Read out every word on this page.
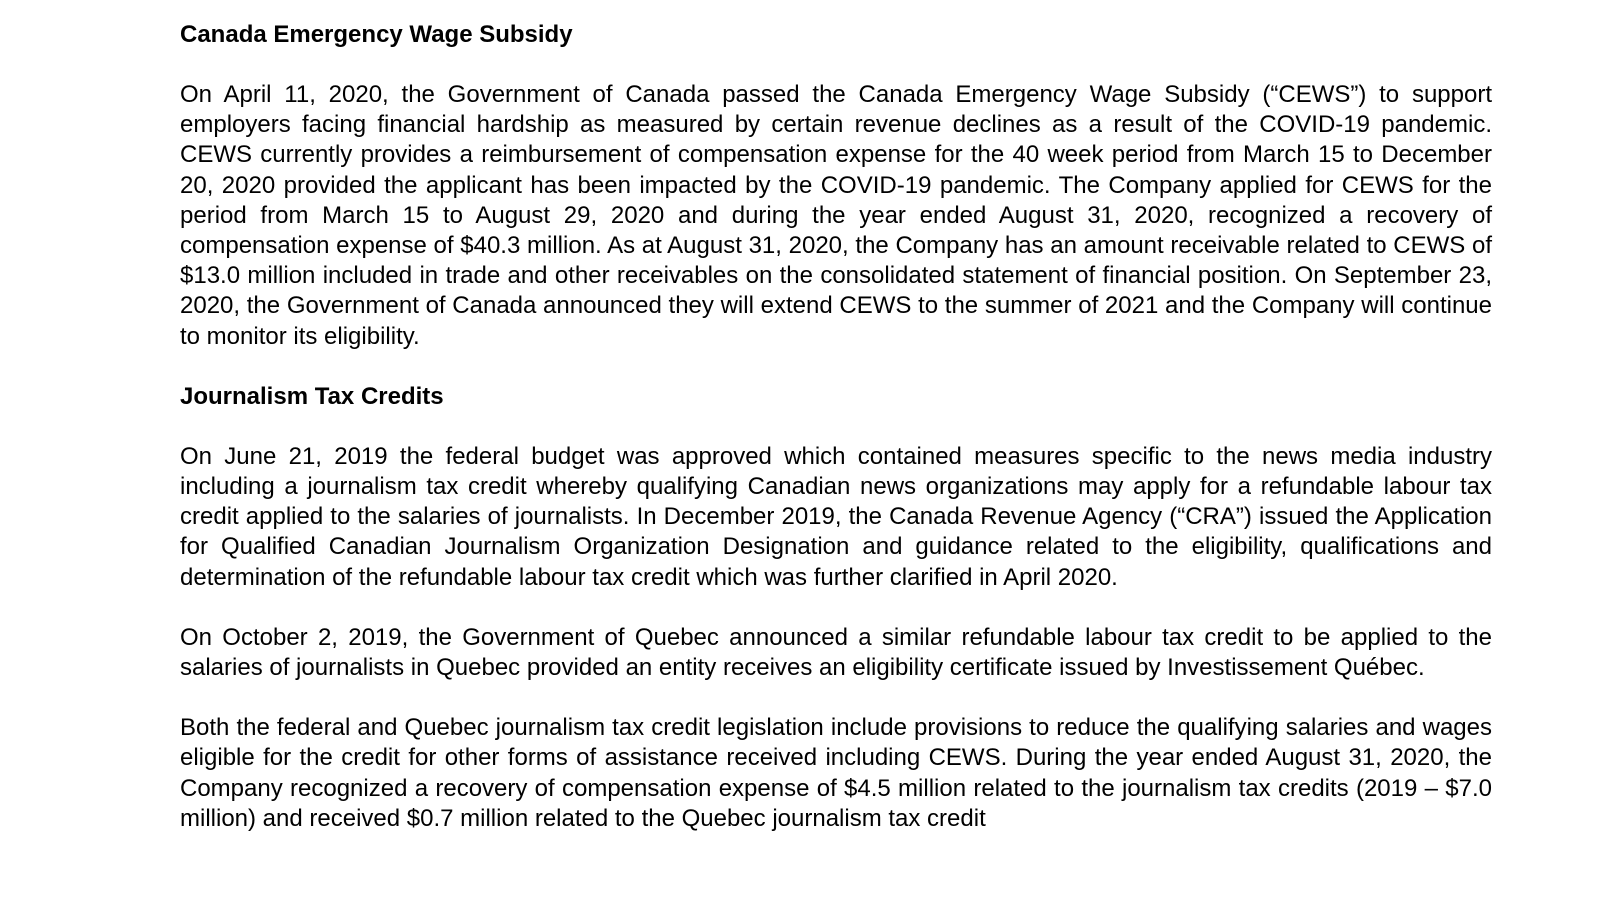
Canada Emergency Wage Subsidy

On April 11, 2020, the Government of Canada passed the Canada Emergency Wage Subsidy (“CEWS”) to support employers facing financial hardship as measured by certain revenue declines as a result of the COVID-19 pandemic. CEWS currently provides a reimbursement of compensation expense for the 40 week period from March 15 to December 20, 2020 provided the applicant has been impacted by the COVID-19 pandemic. The Company applied for CEWS for the period from March 15 to August 29, 2020 and during the year ended August 31, 2020, recognized a recovery of compensation expense of $40.3 million. As at August 31, 2020, the Company has an amount receivable related to CEWS of $13.0 million included in trade and other receivables on the consolidated statement of financial position. On September 23, 2020, the Government of Canada announced they will extend CEWS to the summer of 2021 and the Company will continue to monitor its eligibility.

Journalism Tax Credits

On June 21, 2019 the federal budget was approved which contained measures specific to the news media industry including a journalism tax credit whereby qualifying Canadian news organizations may apply for a refundable labour tax credit applied to the salaries of journalists. In December 2019, the Canada Revenue Agency (“CRA”) issued the Application for Qualified Canadian Journalism Organization Designation and guidance related to the eligibility, qualifications and determination of the refundable labour tax credit which was further clarified in April 2020.

On October 2, 2019, the Government of Quebec announced a similar refundable labour tax credit to be applied to the salaries of journalists in Quebec provided an entity receives an eligibility certificate issued by Investissement Québec.

Both the federal and Quebec journalism tax credit legislation include provisions to reduce the qualifying salaries and wages eligible for the credit for other forms of assistance received including CEWS. During the year ended August 31, 2020, the Company recognized a recovery of compensation expense of $4.5 million related to the journalism tax credits (2019 – $7.0 million) and received $0.7 million related to the Quebec journalism tax credit
